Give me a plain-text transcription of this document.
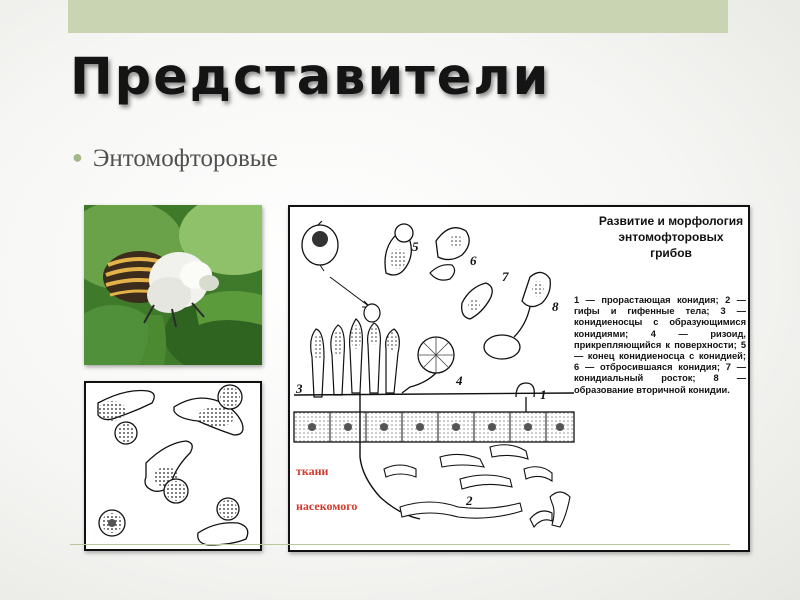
Представители
● Энтомофторовые
5
6
7
8
3
4
1
2
Развитие и морфология энтомофторовых грибов
1 — прорастающая конидия; 2 — гифы и гифенные тела; 3 — конидиеносцы с образующимися конидиями; 4 — ризоид, прикрепляющийся к поверхности; 5 — конец конидиеносца с конидией; 6 — отбросившаяся конидия; 7 — конидиальный росток; 8 — образование вторичной конидии.
ткани
насекомого
